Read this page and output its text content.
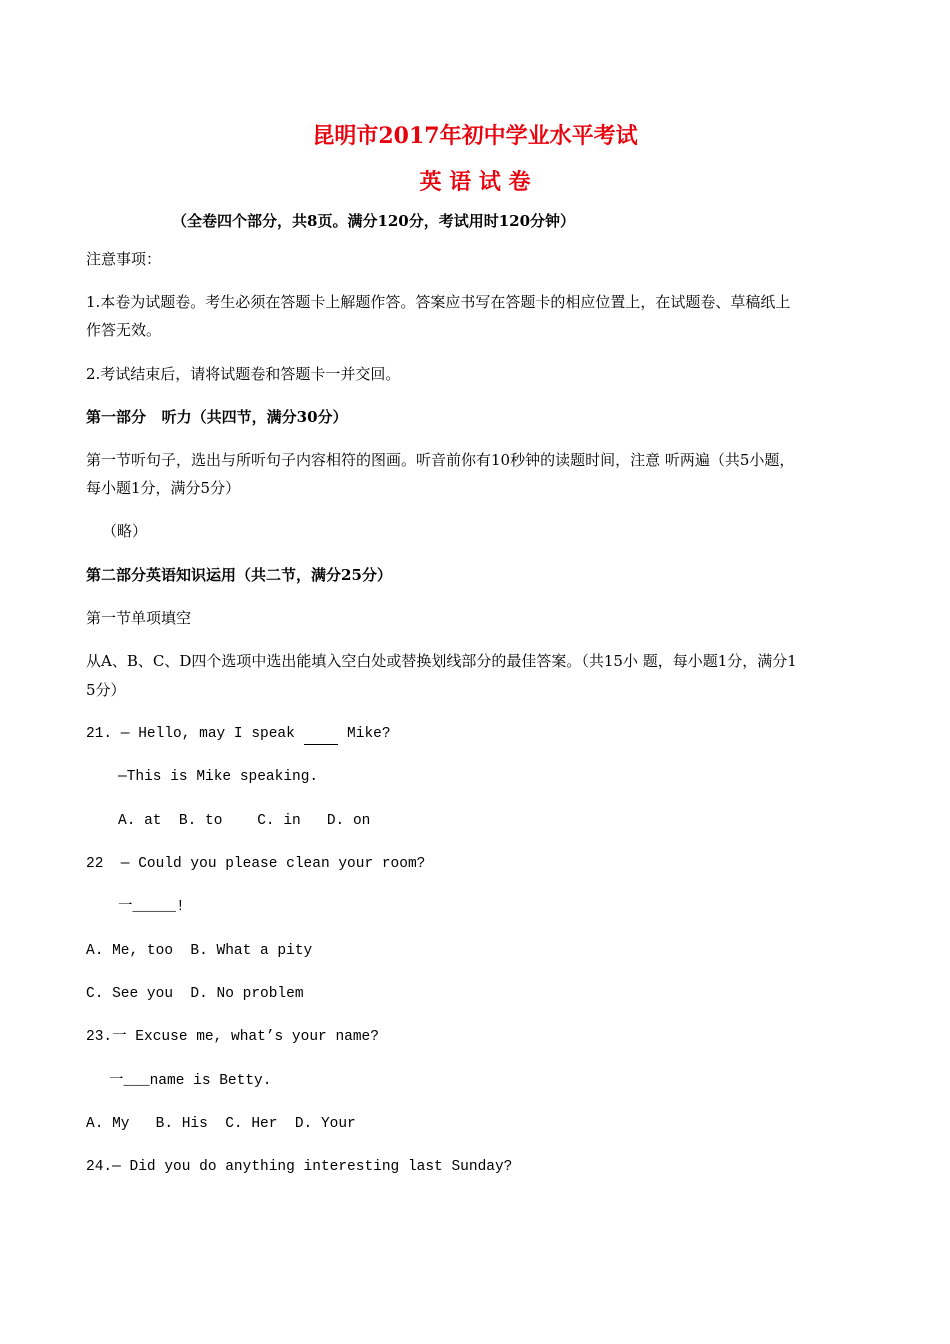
昆明市2017年初中学业水平考试
英 语 试 卷
（全卷四个部分，共8页。满分120分，考试用时120分钟）
注意事项：
1.本卷为试题卷。考生必须在答题卡上解题作答。答案应书写在答题卡的相应位置上，在试题卷、草稿纸上
作答无效。
2.考试结束后，请将试题卷和答题卡一并交回。
第一部分   听力（共四节，满分30分）
第一节听句子，选出与所听句子内容相符的图画。听音前你有10秒钟的读题时间，注意 听两遍（共5小题，
每小题1分，满分5分）
（略）
第二部分英语知识运用（共二节，满分25分）
第一节单项填空
从A、B、C、D四个选项中选出能填入空白处或替换划线部分的最佳答案。（共15小 题，每小题1分，满分1
5分）
21. — Hello, may I speak      Mike?
—This is Mike speaking.
A. at  B. to    C. in   D. on
22  — Could you please clean your room?
一_____!
A. Me, too  B. What a pity
C. See you  D. No problem
23.一 Excuse me, what’s your name?
一___name is Betty.
A. My   B. His  C. Her  D. Your
24.— Did you do anything interesting last Sunday?
